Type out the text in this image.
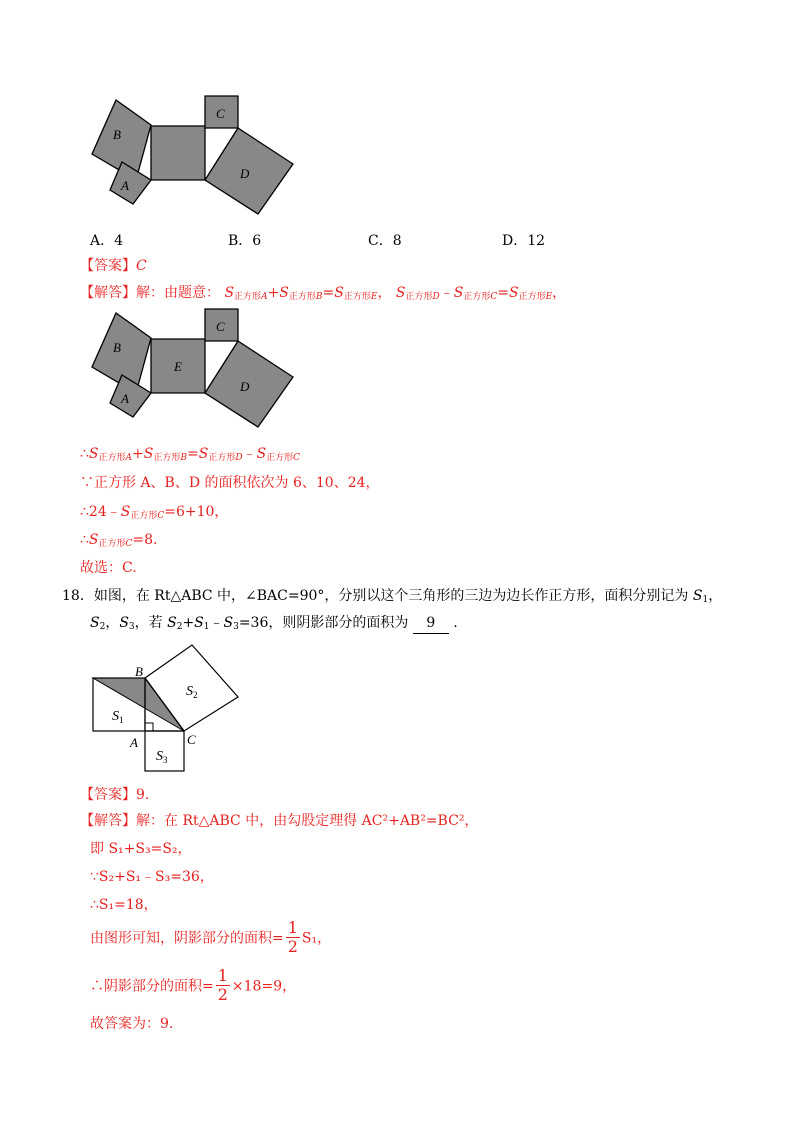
B
A
C
D
A．4	B．6	C．8	D．12
【答案】C
【解答】解：由题意： $S_{正方形A}+S_{正方形B}=S_{正方形E}$， $S_{正方形D}﹣S_{正方形C}=S_{正方形E}$，
B
E
A
C
D
$\therefore S_{正方形A}+S_{正方形B}=S_{正方形D}﹣S_{正方形C}$
∵正方形 A、B、D 的面积依次为 6、10、24，
$\therefore 24﹣S_{正方形C}=6+10$，
$\therefore S_{正方形C}=8$.
故选：C.
18．如图，在 Rt△ABC 中，∠BAC=90°，分别以这个三角形的三边为边长作正方形，面积分别记为 $S_1$，
$S_2$，$S_3$，若 $S_2+S_1﹣S_3=36$，则阴影部分的面积为 9 .
B
A	C
$S_1$
$S_2$
$S_3$
【答案】9.
【解答】解：在 Rt△ABC 中，由勾股定理得 AC²+AB²=BC²，
即 S₁+S₃=S₂，
∵S₂+S₁﹣S₃=36，
∴S₁=18，
由图形可知，阴影部分的面积= $\frac{1}{2} S_1$，
∴阴影部分的面积= $\frac{1}{2} \times 18=9$，
故答案为：9.
